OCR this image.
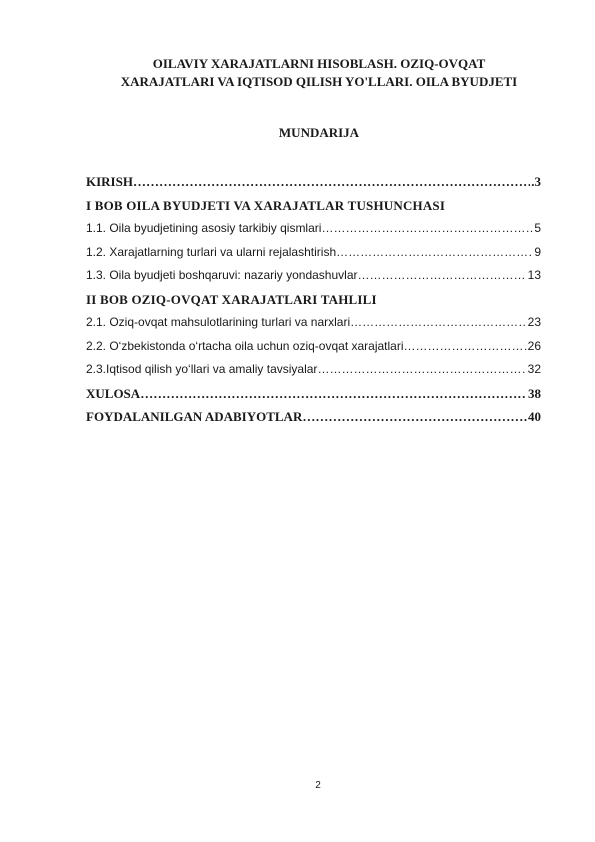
OILAVIY XARAJATLARNI HISOBLASH. OZIQ-OVQAT
XARAJATLARI VA IQTISOD QILISH YO'LLARI. OILA BYUDJETI
MUNDARIJA
KIRISH …………………………………………………………………………………………………………………………………………………………	.3
I BOB OILA BYUDJETI VA XARAJATLAR TUSHUNCHASI
1.1. Oila byudjetining asosiy tarkibiy qismlari …………………………………………………………………………………………………………………………………………………………	5
1.2. Xarajatlarning turlari va ularni rejalashtirish …………………………………………………………………………………………………………………………………………………………	9
1.3. Oila byudjeti boshqaruvi: nazariy yondashuvlar …………………………………………………………………………………………………………………………………………………………	13
II BOB OZIQ-OVQAT XARAJATLARI TAHLILI
2.1. Oziq-ovqat mahsulotlarining turlari va narxlari …………………………………………………………………………………………………………………………………………………………	23
2.2. O‘zbekistonda o‘rtacha oila uchun oziq-ovqat xarajatlari …………………………………………………………………………………………………………………………………………………………	26
2.3.Iqtisod qilish yo‘llari va amaliy tavsiyalar …………………………………………………………………………………………………………………………………………………………	32
XULOSA …………………………………………………………………………………………………………………………………………………………	38
FOYDALANILGAN ADABIYOTLAR …………………………………………………………………………………………………………………………………………………………	40
2
